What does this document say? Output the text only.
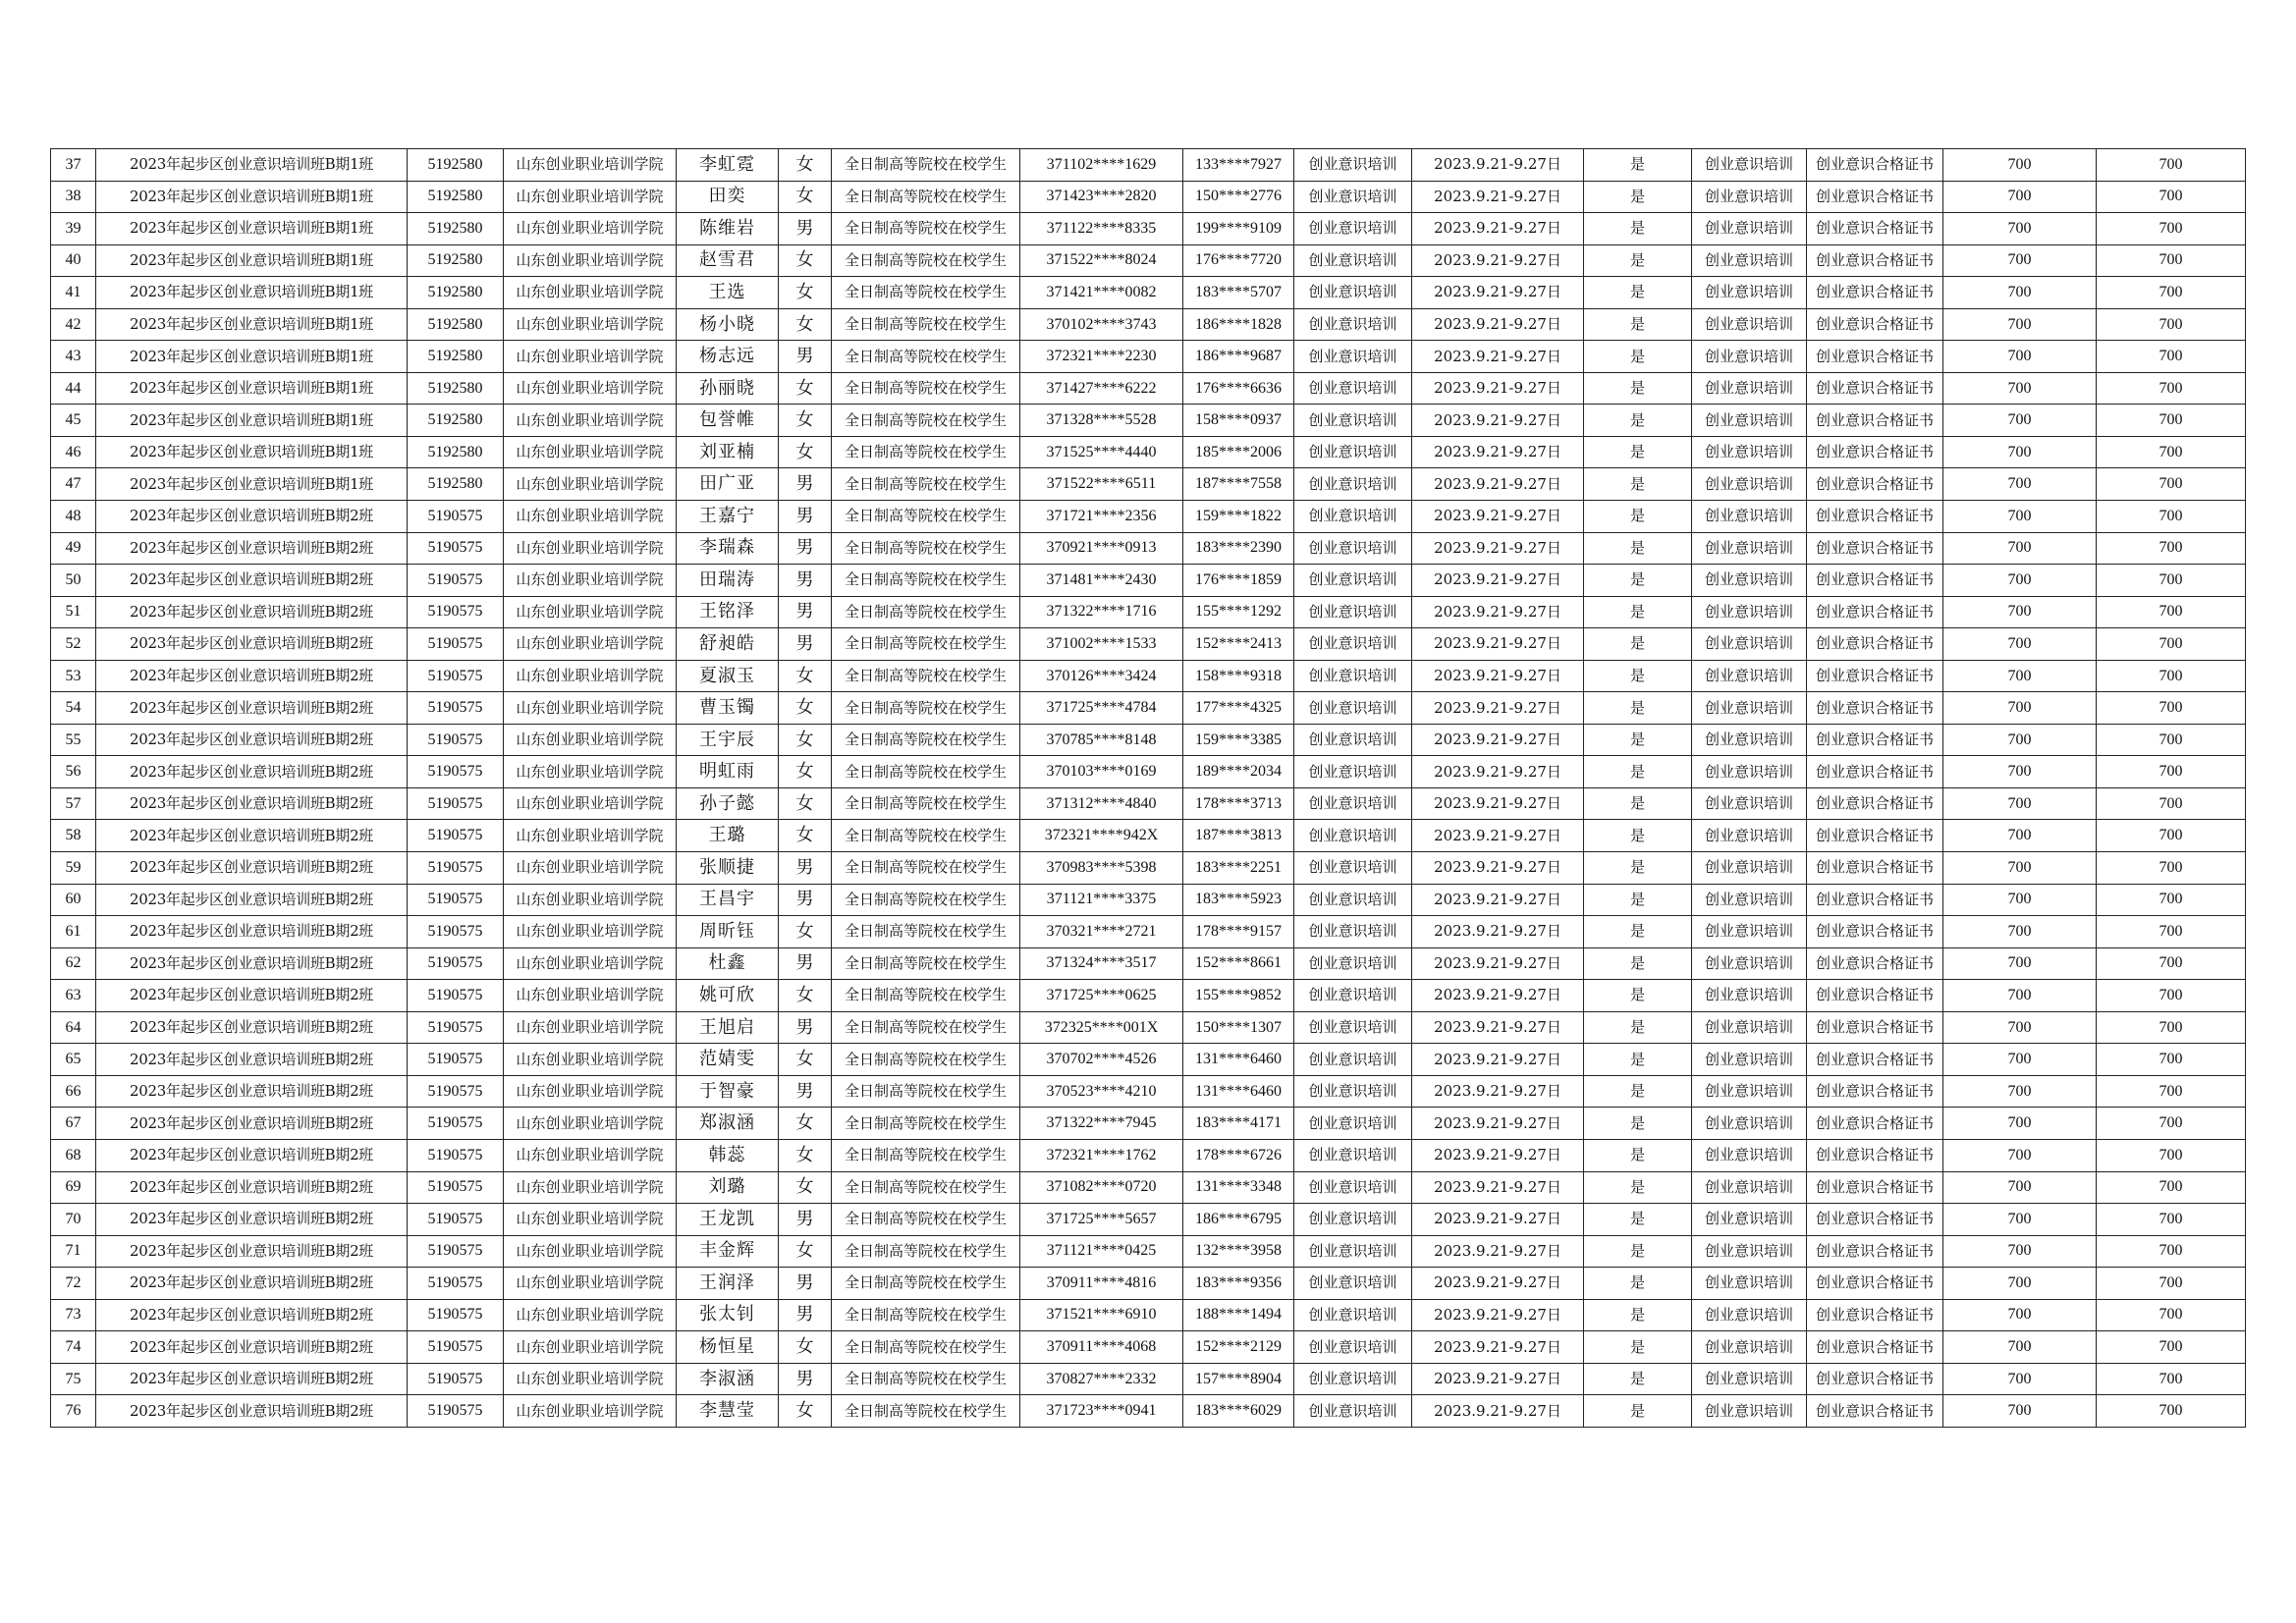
37	2023年起步区创业意识培训班B期1班	5192580	山东创业职业培训学院	李虹霓	女	全日制高等院校在校学生	371102****1629	133****7927	创业意识培训	2023.9.21-9.27日	是	创业意识培训	创业意识合格证书	700	700
38	2023年起步区创业意识培训班B期1班	5192580	山东创业职业培训学院	田奕	女	全日制高等院校在校学生	371423****2820	150****2776	创业意识培训	2023.9.21-9.27日	是	创业意识培训	创业意识合格证书	700	700
39	2023年起步区创业意识培训班B期1班	5192580	山东创业职业培训学院	陈维岩	男	全日制高等院校在校学生	371122****8335	199****9109	创业意识培训	2023.9.21-9.27日	是	创业意识培训	创业意识合格证书	700	700
40	2023年起步区创业意识培训班B期1班	5192580	山东创业职业培训学院	赵雪君	女	全日制高等院校在校学生	371522****8024	176****7720	创业意识培训	2023.9.21-9.27日	是	创业意识培训	创业意识合格证书	700	700
41	2023年起步区创业意识培训班B期1班	5192580	山东创业职业培训学院	王选	女	全日制高等院校在校学生	371421****0082	183****5707	创业意识培训	2023.9.21-9.27日	是	创业意识培训	创业意识合格证书	700	700
42	2023年起步区创业意识培训班B期1班	5192580	山东创业职业培训学院	杨小晓	女	全日制高等院校在校学生	370102****3743	186****1828	创业意识培训	2023.9.21-9.27日	是	创业意识培训	创业意识合格证书	700	700
43	2023年起步区创业意识培训班B期1班	5192580	山东创业职业培训学院	杨志远	男	全日制高等院校在校学生	372321****2230	186****9687	创业意识培训	2023.9.21-9.27日	是	创业意识培训	创业意识合格证书	700	700
44	2023年起步区创业意识培训班B期1班	5192580	山东创业职业培训学院	孙丽晓	女	全日制高等院校在校学生	371427****6222	176****6636	创业意识培训	2023.9.21-9.27日	是	创业意识培训	创业意识合格证书	700	700
45	2023年起步区创业意识培训班B期1班	5192580	山东创业职业培训学院	包誉帷	女	全日制高等院校在校学生	371328****5528	158****0937	创业意识培训	2023.9.21-9.27日	是	创业意识培训	创业意识合格证书	700	700
46	2023年起步区创业意识培训班B期1班	5192580	山东创业职业培训学院	刘亚楠	女	全日制高等院校在校学生	371525****4440	185****2006	创业意识培训	2023.9.21-9.27日	是	创业意识培训	创业意识合格证书	700	700
47	2023年起步区创业意识培训班B期1班	5192580	山东创业职业培训学院	田广亚	男	全日制高等院校在校学生	371522****6511	187****7558	创业意识培训	2023.9.21-9.27日	是	创业意识培训	创业意识合格证书	700	700
48	2023年起步区创业意识培训班B期2班	5190575	山东创业职业培训学院	王嘉宁	男	全日制高等院校在校学生	371721****2356	159****1822	创业意识培训	2023.9.21-9.27日	是	创业意识培训	创业意识合格证书	700	700
49	2023年起步区创业意识培训班B期2班	5190575	山东创业职业培训学院	李瑞森	男	全日制高等院校在校学生	370921****0913	183****2390	创业意识培训	2023.9.21-9.27日	是	创业意识培训	创业意识合格证书	700	700
50	2023年起步区创业意识培训班B期2班	5190575	山东创业职业培训学院	田瑞涛	男	全日制高等院校在校学生	371481****2430	176****1859	创业意识培训	2023.9.21-9.27日	是	创业意识培训	创业意识合格证书	700	700
51	2023年起步区创业意识培训班B期2班	5190575	山东创业职业培训学院	王铭泽	男	全日制高等院校在校学生	371322****1716	155****1292	创业意识培训	2023.9.21-9.27日	是	创业意识培训	创业意识合格证书	700	700
52	2023年起步区创业意识培训班B期2班	5190575	山东创业职业培训学院	舒昶皓	男	全日制高等院校在校学生	371002****1533	152****2413	创业意识培训	2023.9.21-9.27日	是	创业意识培训	创业意识合格证书	700	700
53	2023年起步区创业意识培训班B期2班	5190575	山东创业职业培训学院	夏淑玉	女	全日制高等院校在校学生	370126****3424	158****9318	创业意识培训	2023.9.21-9.27日	是	创业意识培训	创业意识合格证书	700	700
54	2023年起步区创业意识培训班B期2班	5190575	山东创业职业培训学院	曹玉镯	女	全日制高等院校在校学生	371725****4784	177****4325	创业意识培训	2023.9.21-9.27日	是	创业意识培训	创业意识合格证书	700	700
55	2023年起步区创业意识培训班B期2班	5190575	山东创业职业培训学院	王宇辰	女	全日制高等院校在校学生	370785****8148	159****3385	创业意识培训	2023.9.21-9.27日	是	创业意识培训	创业意识合格证书	700	700
56	2023年起步区创业意识培训班B期2班	5190575	山东创业职业培训学院	明虹雨	女	全日制高等院校在校学生	370103****0169	189****2034	创业意识培训	2023.9.21-9.27日	是	创业意识培训	创业意识合格证书	700	700
57	2023年起步区创业意识培训班B期2班	5190575	山东创业职业培训学院	孙子懿	女	全日制高等院校在校学生	371312****4840	178****3713	创业意识培训	2023.9.21-9.27日	是	创业意识培训	创业意识合格证书	700	700
58	2023年起步区创业意识培训班B期2班	5190575	山东创业职业培训学院	王璐	女	全日制高等院校在校学生	372321****942X	187****3813	创业意识培训	2023.9.21-9.27日	是	创业意识培训	创业意识合格证书	700	700
59	2023年起步区创业意识培训班B期2班	5190575	山东创业职业培训学院	张顺捷	男	全日制高等院校在校学生	370983****5398	183****2251	创业意识培训	2023.9.21-9.27日	是	创业意识培训	创业意识合格证书	700	700
60	2023年起步区创业意识培训班B期2班	5190575	山东创业职业培训学院	王昌宇	男	全日制高等院校在校学生	371121****3375	183****5923	创业意识培训	2023.9.21-9.27日	是	创业意识培训	创业意识合格证书	700	700
61	2023年起步区创业意识培训班B期2班	5190575	山东创业职业培训学院	周昕钰	女	全日制高等院校在校学生	370321****2721	178****9157	创业意识培训	2023.9.21-9.27日	是	创业意识培训	创业意识合格证书	700	700
62	2023年起步区创业意识培训班B期2班	5190575	山东创业职业培训学院	杜鑫	男	全日制高等院校在校学生	371324****3517	152****8661	创业意识培训	2023.9.21-9.27日	是	创业意识培训	创业意识合格证书	700	700
63	2023年起步区创业意识培训班B期2班	5190575	山东创业职业培训学院	姚可欣	女	全日制高等院校在校学生	371725****0625	155****9852	创业意识培训	2023.9.21-9.27日	是	创业意识培训	创业意识合格证书	700	700
64	2023年起步区创业意识培训班B期2班	5190575	山东创业职业培训学院	王旭启	男	全日制高等院校在校学生	372325****001X	150****1307	创业意识培训	2023.9.21-9.27日	是	创业意识培训	创业意识合格证书	700	700
65	2023年起步区创业意识培训班B期2班	5190575	山东创业职业培训学院	范婧雯	女	全日制高等院校在校学生	370702****4526	131****6460	创业意识培训	2023.9.21-9.27日	是	创业意识培训	创业意识合格证书	700	700
66	2023年起步区创业意识培训班B期2班	5190575	山东创业职业培训学院	于智豪	男	全日制高等院校在校学生	370523****4210	131****6460	创业意识培训	2023.9.21-9.27日	是	创业意识培训	创业意识合格证书	700	700
67	2023年起步区创业意识培训班B期2班	5190575	山东创业职业培训学院	郑淑涵	女	全日制高等院校在校学生	371322****7945	183****4171	创业意识培训	2023.9.21-9.27日	是	创业意识培训	创业意识合格证书	700	700
68	2023年起步区创业意识培训班B期2班	5190575	山东创业职业培训学院	韩蕊	女	全日制高等院校在校学生	372321****1762	178****6726	创业意识培训	2023.9.21-9.27日	是	创业意识培训	创业意识合格证书	700	700
69	2023年起步区创业意识培训班B期2班	5190575	山东创业职业培训学院	刘璐	女	全日制高等院校在校学生	371082****0720	131****3348	创业意识培训	2023.9.21-9.27日	是	创业意识培训	创业意识合格证书	700	700
70	2023年起步区创业意识培训班B期2班	5190575	山东创业职业培训学院	王龙凯	男	全日制高等院校在校学生	371725****5657	186****6795	创业意识培训	2023.9.21-9.27日	是	创业意识培训	创业意识合格证书	700	700
71	2023年起步区创业意识培训班B期2班	5190575	山东创业职业培训学院	丰金辉	女	全日制高等院校在校学生	371121****0425	132****3958	创业意识培训	2023.9.21-9.27日	是	创业意识培训	创业意识合格证书	700	700
72	2023年起步区创业意识培训班B期2班	5190575	山东创业职业培训学院	王润泽	男	全日制高等院校在校学生	370911****4816	183****9356	创业意识培训	2023.9.21-9.27日	是	创业意识培训	创业意识合格证书	700	700
73	2023年起步区创业意识培训班B期2班	5190575	山东创业职业培训学院	张太钊	男	全日制高等院校在校学生	371521****6910	188****1494	创业意识培训	2023.9.21-9.27日	是	创业意识培训	创业意识合格证书	700	700
74	2023年起步区创业意识培训班B期2班	5190575	山东创业职业培训学院	杨恒星	女	全日制高等院校在校学生	370911****4068	152****2129	创业意识培训	2023.9.21-9.27日	是	创业意识培训	创业意识合格证书	700	700
75	2023年起步区创业意识培训班B期2班	5190575	山东创业职业培训学院	李淑涵	男	全日制高等院校在校学生	370827****2332	157****8904	创业意识培训	2023.9.21-9.27日	是	创业意识培训	创业意识合格证书	700	700
76	2023年起步区创业意识培训班B期2班	5190575	山东创业职业培训学院	李慧莹	女	全日制高等院校在校学生	371723****0941	183****6029	创业意识培训	2023.9.21-9.27日	是	创业意识培训	创业意识合格证书	700	700
